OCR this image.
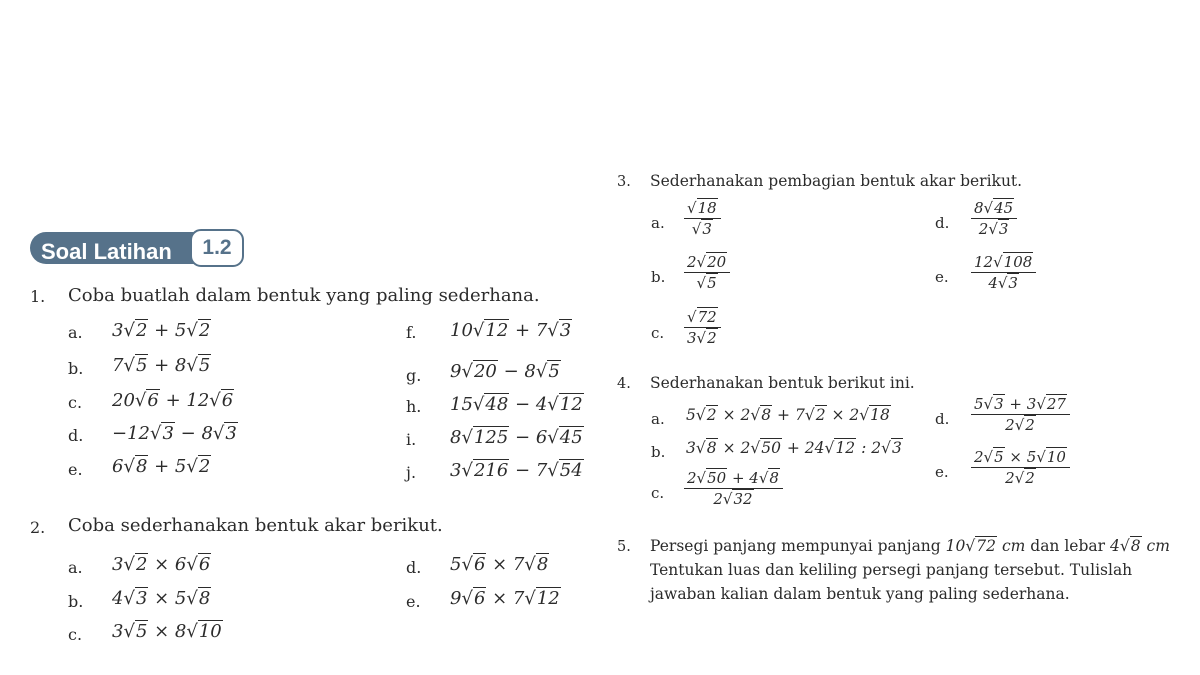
Soal Latihan	1.2
1. Coba buatlah dalam bentuk yang paling sederhana.
a. 3√2 + 5√2
b. 7√5 + 8√5
c. 20√6 + 12√6
d. −12√3 − 8√3
e. 6√8 + 5√2
f. 10√12 + 7√3
g. 9√20 − 8√5
h. 15√48 − 4√12
i. 8√125 − 6√45
j. 3√216 − 7√54
2. Coba sederhanakan bentuk akar berikut.
a. 3√2 × 6√6
b. 4√3 × 5√8
c. 3√5 × 8√10
d. 5√6 × 7√8
e. 9√6 × 7√12
3. Sederhanakan pembagian bentuk akar berikut.
a. $\frac{√18}{√3}$
b. $\frac{2√20}{√5}$
c. $\frac{√72}{3√2}$
d. $\frac{8√45}{2√3}$
e. $\frac{12√108}{4√3}$
4. Sederhanakan bentuk berikut ini.
a. 5√2 × 2√8 + 7√2 × 2√18
b. 3√8 × 2√50 + 24√12 : 2√3
c. $\frac{2√50 + 4√8}{2√32}$
d. $\frac{5√3 + 3√27}{2√2}$
e. $\frac{2√5 \times 5√10}{2√2}$
5. Persegi panjang mempunyai panjang 10√72 cm dan lebar 4√8 cm
Tentukan luas dan keliling persegi panjang tersebut. Tulislah
jawaban kalian dalam bentuk yang paling sederhana.
